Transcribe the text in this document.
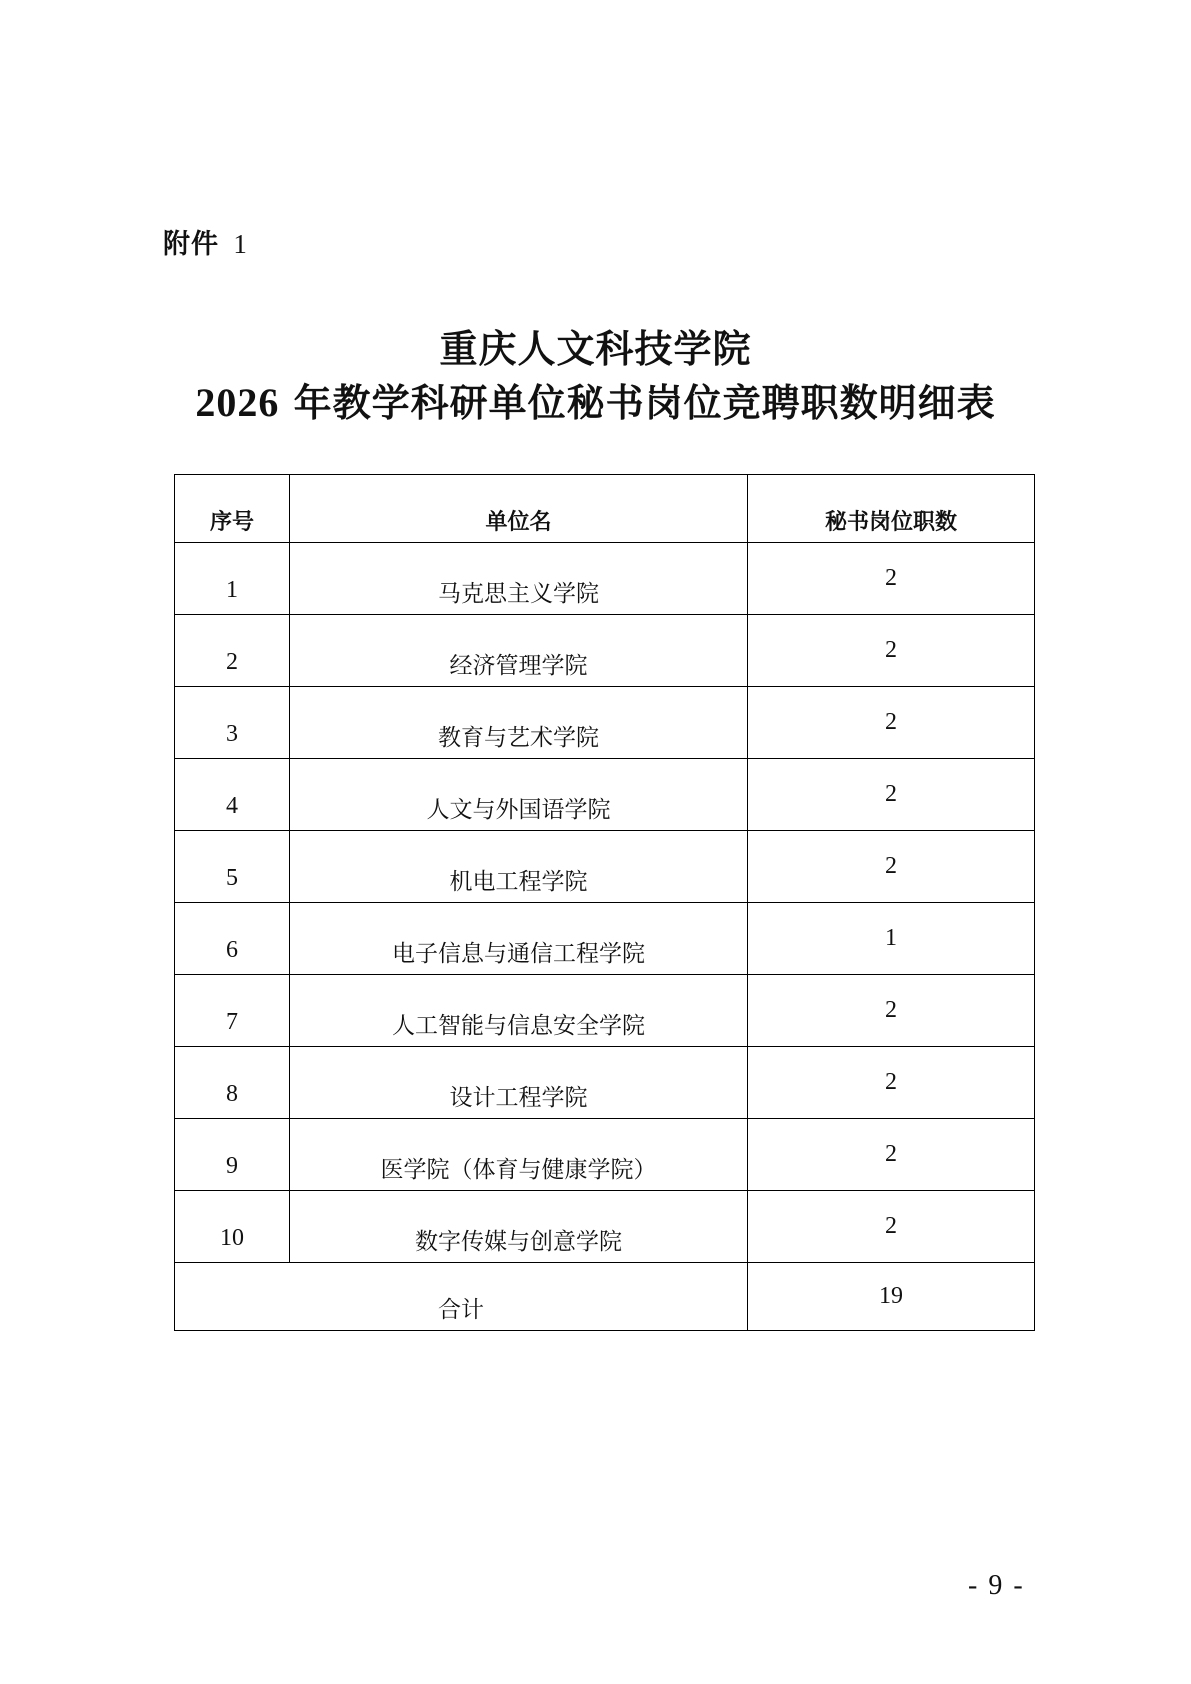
附件 1
重庆人文科技学院
2026 年教学科研单位秘书岗位竞聘职数明细表
序号	单位名	秘书岗位职数
1	马克思主义学院	2
2	经济管理学院	2
3	教育与艺术学院	2
4	人文与外国语学院	2
5	机电工程学院	2
6	电子信息与通信工程学院	1
7	人工智能与信息安全学院	2
8	设计工程学院	2
9	医学院（体育与健康学院）	2
10	数字传媒与创意学院	2
合计		19
- 9 -
